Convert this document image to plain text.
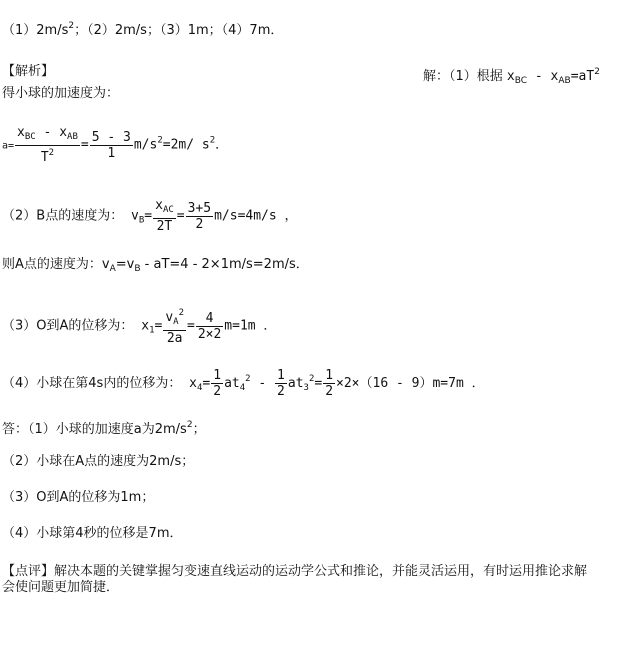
$(1)2m/s^2$；（2）2m/s；（3）1m；（4）7m．
【解析】	解：（1）根据 $x_{BC} - x_{AB}=aT^2$
得小球的加速度为：
$a= \frac{x_{BC} - x_{AB}}{T^2} = \frac{5 - 3}{1} m/s^2=2m/$ $s^2$．
（2）B点的速度为： $v_B= \frac{x_{AC}}{2T} = \frac{3+5}{2} m/s=4m/s$ ，
则A点的速度为：$v_A=v_B - aT=4 - 2\times 1m/s=2m/s$．
（3）O到A的位移为： $x_1= \frac{v_A^2}{2a} = \frac{4}{2\times 2} m=1m$ ．
（4）小球在第4s内的位移为： $x_4= \frac{1}{2} at_4^2 - \frac{1}{2} at_3^2= \frac{1}{2} \times 2\times(16 - 9)m=7m$ ．
答：（1）小球的加速度a为$2m/s^2$；
（2）小球在A点的速度为2m/s；
（3）O到A的位移为1m；
（4）小球第4秒的位移是7m．
【点评】解决本题的关键掌握匀变速直线运动的运动学公式和推论，并能灵活运用，有时运用推论求解
会使问题更加简捷．
